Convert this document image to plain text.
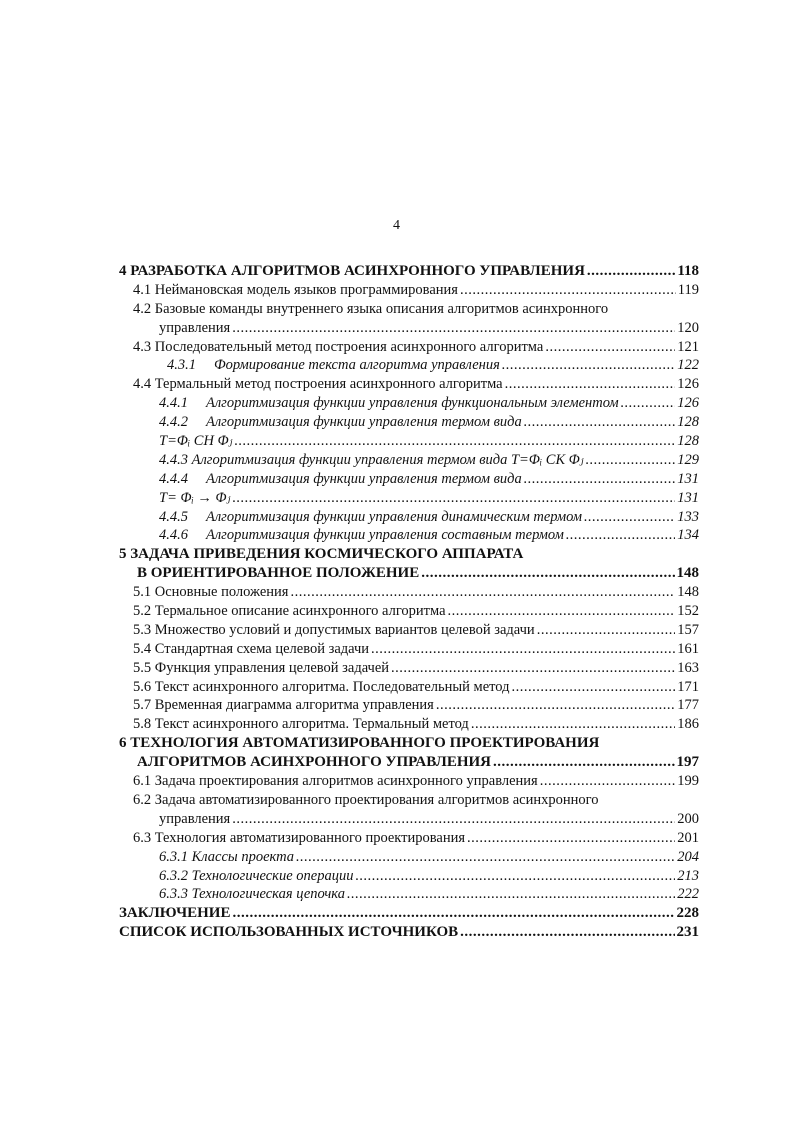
4
4 РАЗРАБОТКА АЛГОРИТМОВ АСИНХРОННОГО УПРАВЛЕНИЯ .....	118
4.1 Неймановская модель языков программирования .....	119
4.2 Базовые команды внутреннего языка описания алгоритмов асинхронного
управления .....	120
4.3 Последовательный метод построения асинхронного алгоритма .....	121
4.3.1 Формирование текста алгоритма управления .....	122
4.4 Термальный метод построения асинхронного алгоритма .....	126
4.4.1 Алгоритмизация функции управления функциональным элементом .....	126
4.4.2 Алгоритмизация функции управления термом вида .....	128
T=Φᵢ СН Φⱼ .....	128
4.4.3 Алгоритмизация функции управления термом вида T=Φᵢ СК Φⱼ .....	129
4.4.4 Алгоритмизация функции управления термом вида .....	131
T= Φᵢ → Φⱼ .....	131
4.4.5 Алгоритмизация функции управления динамическим термом .....	133
4.4.6 Алгоритмизация функции управления составным термом .....	134
5 ЗАДАЧА ПРИВЕДЕНИЯ КОСМИЧЕСКОГО АППАРАТА
В ОРИЕНТИРОВАННОЕ ПОЛОЖЕНИЕ .....	148
5.1 Основные положения .....	148
5.2 Термальное описание асинхронного алгоритма .....	152
5.3 Множество условий и допустимых вариантов целевой задачи .....	157
5.4 Стандартная схема целевой задачи .....	161
5.5 Функция управления целевой задачей .....	163
5.6 Текст асинхронного алгоритма. Последовательный метод .....	171
5.7 Временная диаграмма алгоритма управления .....	177
5.8 Текст асинхронного алгоритма. Термальный метод .....	186
6 ТЕХНОЛОГИЯ АВТОМАТИЗИРОВАННОГО ПРОЕКТИРОВАНИЯ
АЛГОРИТМОВ АСИНХРОННОГО УПРАВЛЕНИЯ .....	197
6.1 Задача проектирования алгоритмов асинхронного управления .....	199
6.2 Задача автоматизированного проектирования алгоритмов асинхронного
управления .....	200
6.3 Технология автоматизированного проектирования .....	201
6.3.1 Классы проекта .....	204
6.3.2 Технологические операции .....	213
6.3.3 Технологическая цепочка .....	222
ЗАКЛЮЧЕНИЕ .....	228
СПИСОК ИСПОЛЬЗОВАННЫХ ИСТОЧНИКОВ .....	231
